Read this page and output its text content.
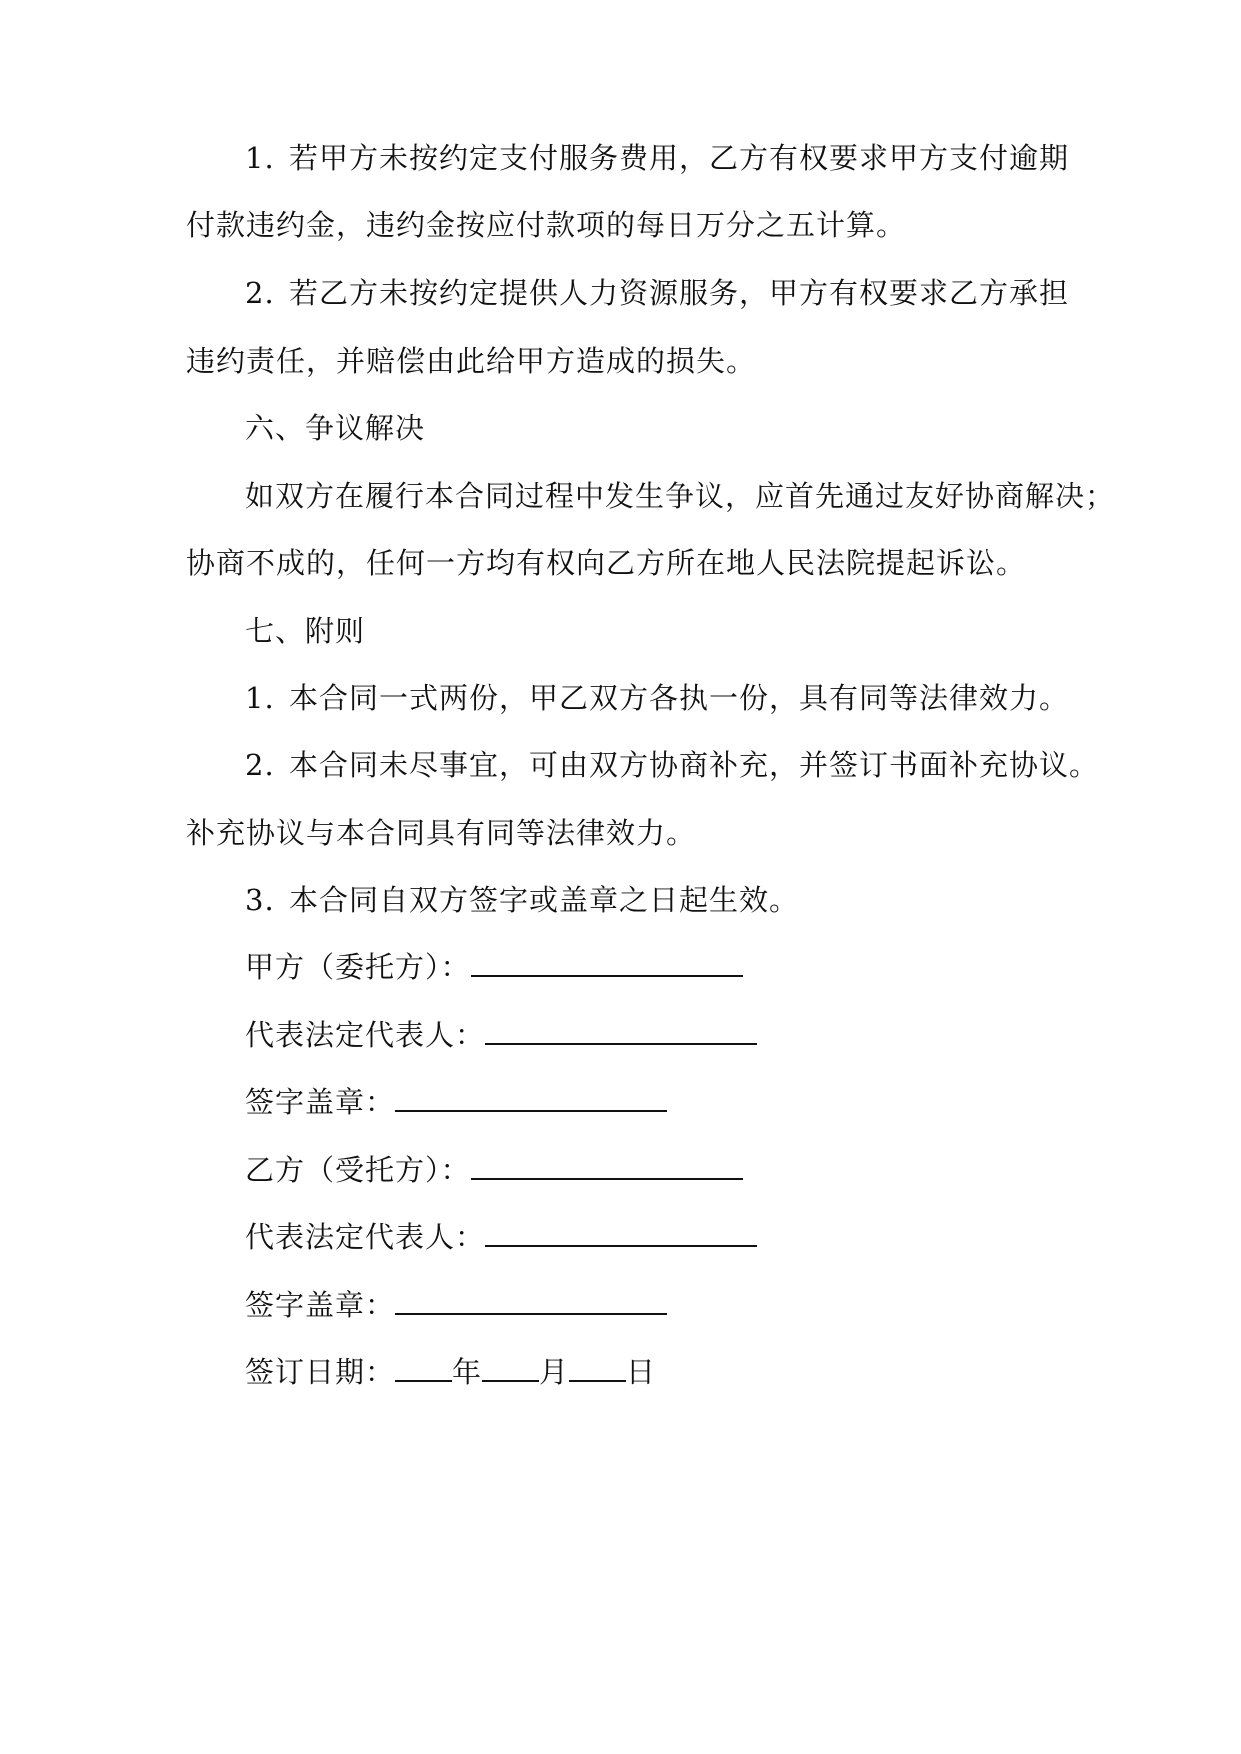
1. 若甲方未按约定支付服务费用，乙方有权要求甲方支付逾期
付款违约金，违约金按应付款项的每日万分之五计算。
2. 若乙方未按约定提供人力资源服务，甲方有权要求乙方承担
违约责任，并赔偿由此给甲方造成的损失。
六、争议解决
如双方在履行本合同过程中发生争议，应首先通过友好协商解决；
协商不成的，任何一方均有权向乙方所在地人民法院提起诉讼。
七、附则
1. 本合同一式两份，甲乙双方各执一份，具有同等法律效力。
2. 本合同未尽事宜，可由双方协商补充，并签订书面补充协议。
补充协议与本合同具有同等法律效力。
3. 本合同自双方签字或盖章之日起生效。
甲方（委托方）：
代表法定代表人：
签字盖章：
乙方（受托方）：
代表法定代表人：
签字盖章：
签订日期： 年 月 日
